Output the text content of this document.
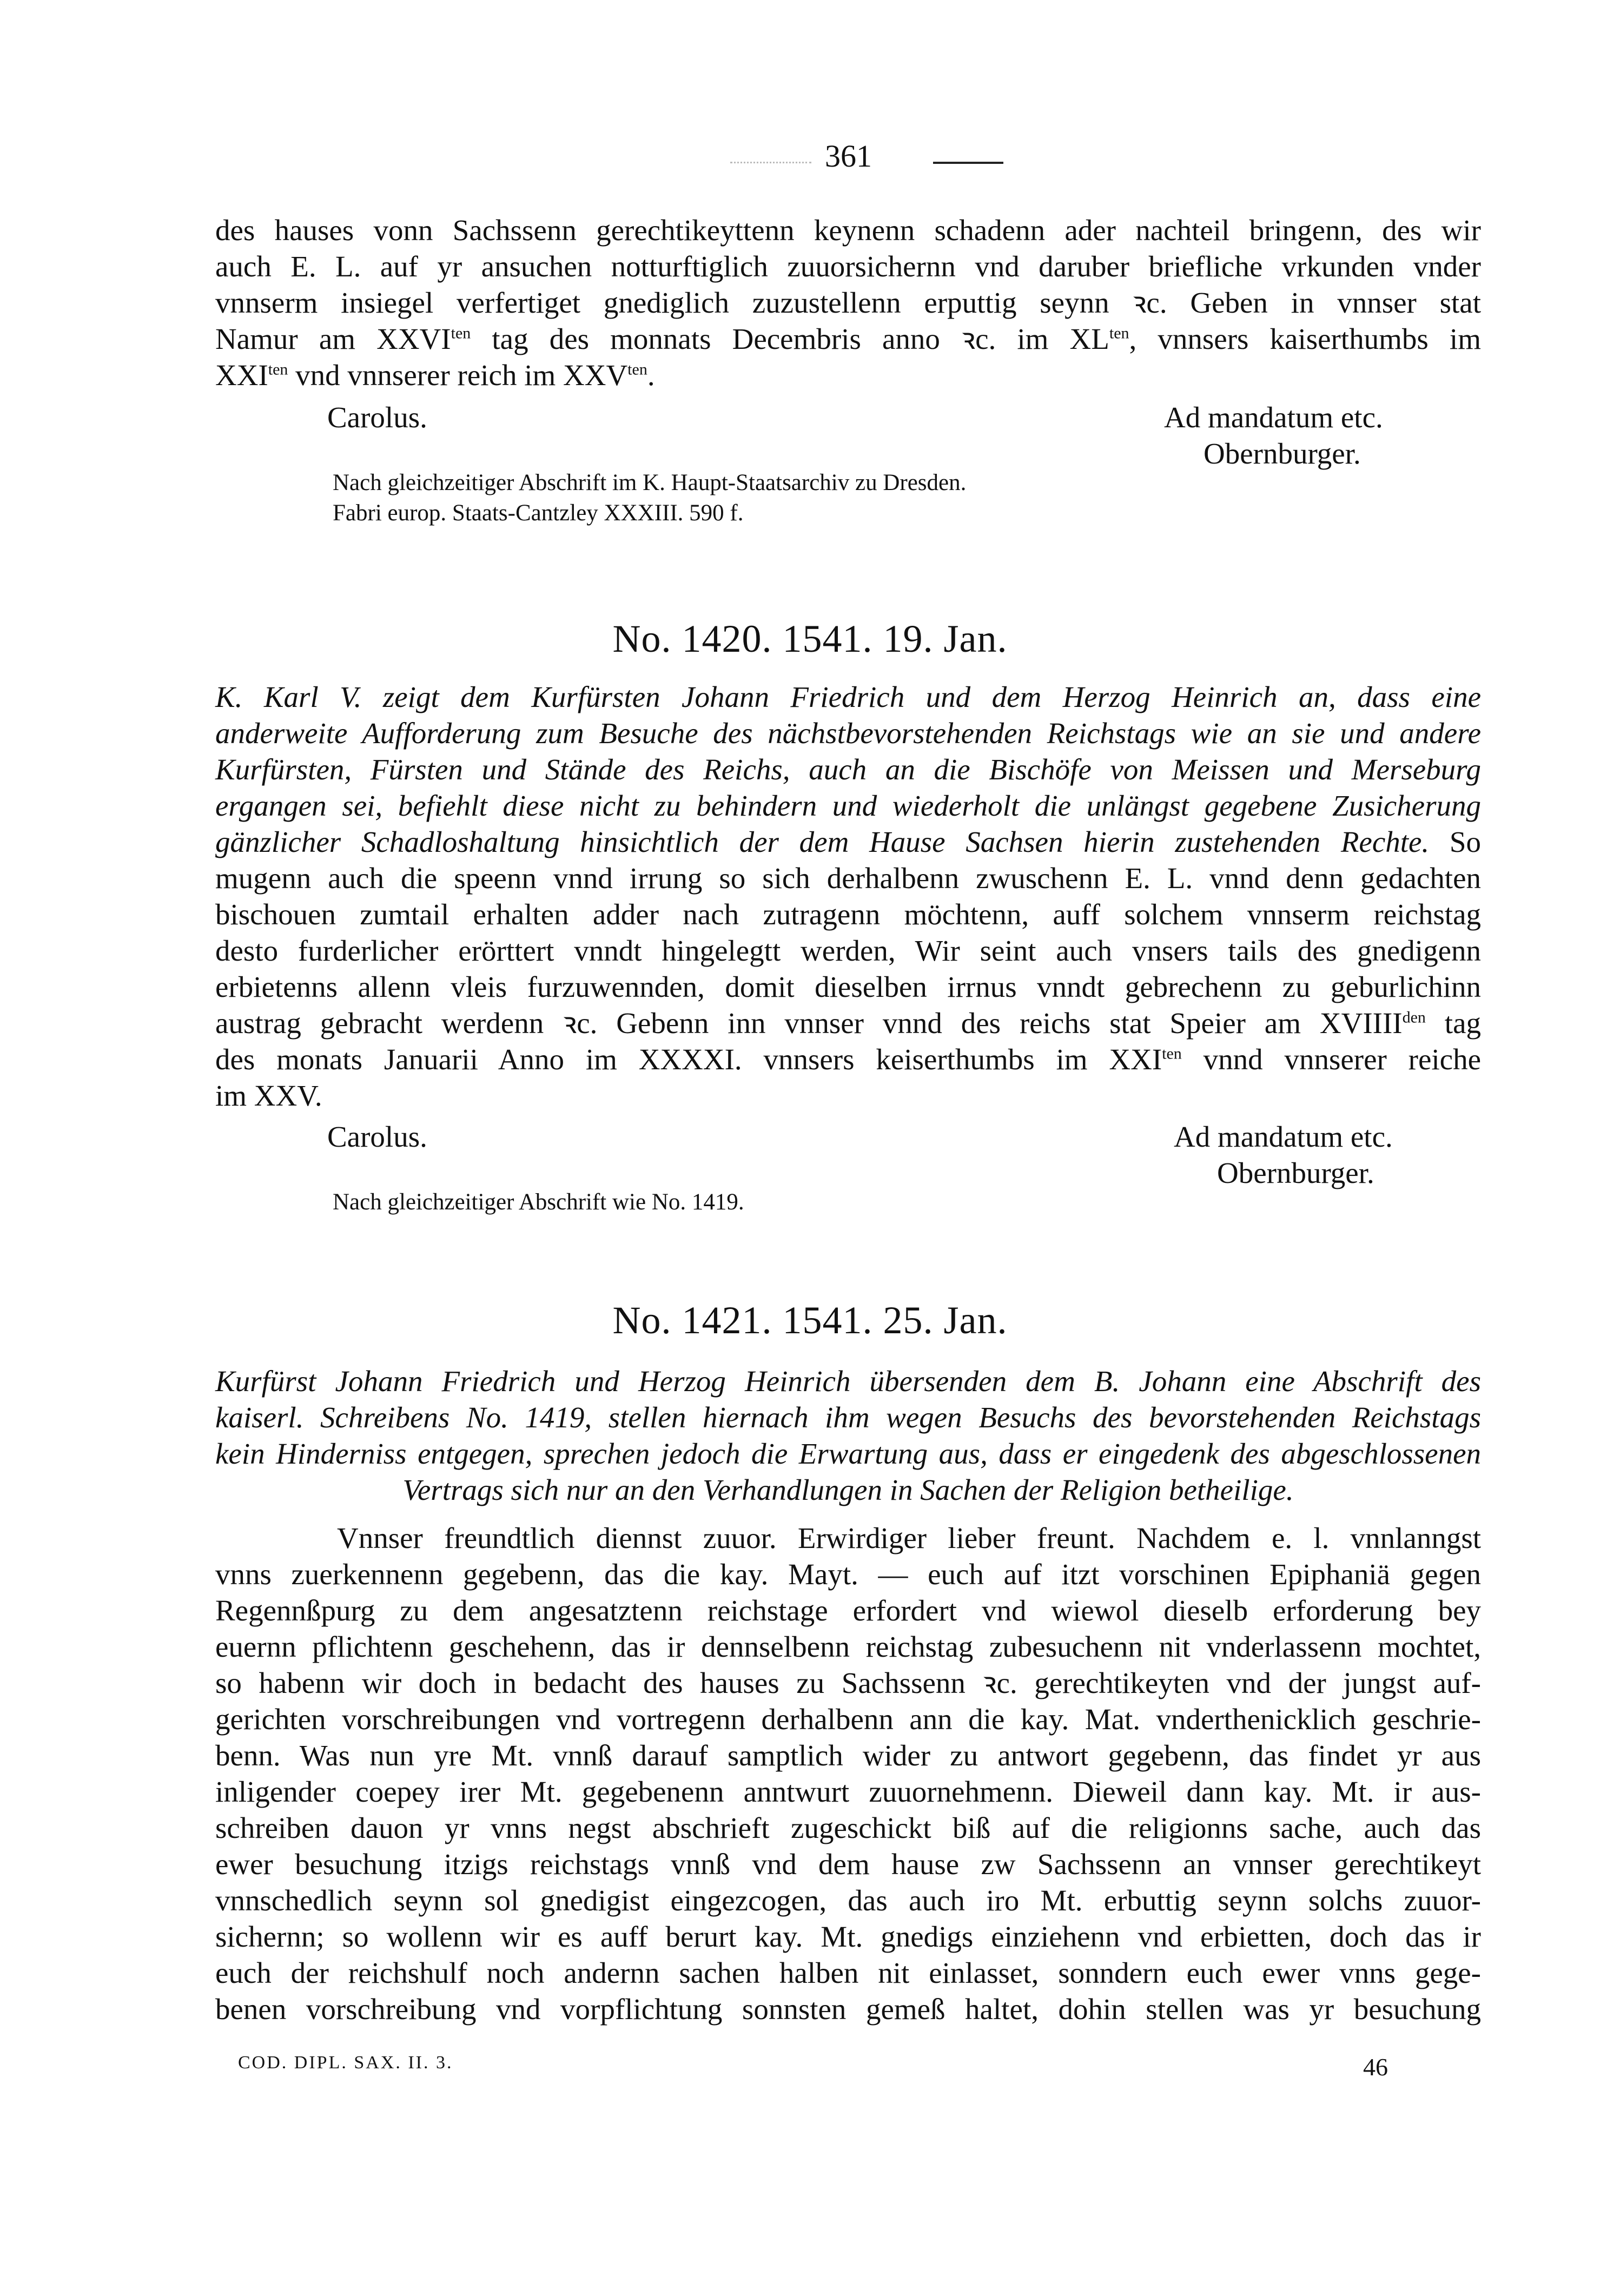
361
des hauses vonn Sachssenn gerechtikeyttenn keynenn schadenn ader nachteil bringenn, des wir
auch E. L. auf yr ansuchen notturftiglich zuuorsichernn vnd daruber briefliche vrkunden vnder
vnnserm insiegel verfertiget gnediglich zuzustellenn erputtig seynn ꝛc. Geben in vnnser stat
Namur am $XXVI^{ten}$ tag des monnats Decembris anno ꝛc. im $XL^{ten}$, vnnsers kaiserthumbs im
$XXI^{ten}$ vnd vnnserer reich im $XXV^{ten}$.
Carolus.	Ad mandatum etc.
Obernburger.
Nach gleichzeitiger Abschrift im K. Haupt-Staatsarchiv zu Dresden.
Fabri europ. Staats-Cantzley XXXIII. 590 f.
No. 1420. 1541. 19. Jan.
K. Karl V. zeigt dem Kurfürsten Johann Friedrich und dem Herzog Heinrich an, dass eine
anderweite Aufforderung zum Besuche des nächstbevorstehenden Reichstags wie an sie und andere
Kurfürsten, Fürsten und Stände des Reichs, auch an die Bischöfe von Meissen und Merseburg
ergangen sei, befiehlt diese nicht zu behindern und wiederholt die unlängst gegebene Zusicherung
gänzlicher Schadloshaltung hinsichtlich der dem Hause Sachsen hierin zustehenden Rechte. So
mugenn auch die speenn vnnd irrung so sich derhalbenn zwuschenn E. L. vnnd denn gedachten
bischouen zumtail erhalten adder nach zutragenn möchtenn, auff solchem vnnserm reichstag
desto furderlicher erörttert vnndt hingelegtt werden, Wir seint auch vnsers tails des gnedigenn
erbietenns allenn vleis furzuwennden, domit dieselben irrnus vnndt gebrechenn zu geburlichinn
austrag gebracht werdenn ꝛc. Gebenn inn vnnser vnnd des reichs stat Speier am $XVIIII^{den}$ tag
des monats Januarii Anno im XXXXI. vnnsers keiserthumbs im $XXI^{ten}$ vnnd vnnserer reiche
im XXV.
Carolus.	Ad mandatum etc.
Obernburger.
Nach gleichzeitiger Abschrift wie No. 1419.
No. 1421. 1541. 25. Jan.
Kurfürst Johann Friedrich und Herzog Heinrich übersenden dem B. Johann eine Abschrift des
kaiserl. Schreibens No. 1419, stellen hiernach ihm wegen Besuchs des bevorstehenden Reichstags
kein Hinderniss entgegen, sprechen jedoch die Erwartung aus, dass er eingedenk des abgeschlossenen
Vertrags sich nur an den Verhandlungen in Sachen der Religion betheilige.
Vnnser freundtlich diennst zuuor. Erwirdiger lieber freunt. Nachdem e. l. vnnlanngst
vnns zuerkennenn gegebenn, das die kay. Mayt. — euch auf itzt vorschinen Epiphaniä gegen
Regennßpurg zu dem angesatztenn reichstage erfordert vnd wiewol dieselb erforderung bey
euernn pflichtenn geschehenn, das ir dennselbenn reichstag zubesuchenn nit vnderlassenn mochtet,
so habenn wir doch in bedacht des hauses zu Sachssenn ꝛc. gerechtikeyten vnd der jungst auf-
gerichten vorschreibungen vnd vortregenn derhalbenn ann die kay. Mat. vnderthenicklich geschrie-
benn. Was nun yre Mt. vnnß darauf samptlich wider zu antwort gegebenn, das findet yr aus
inligender coepey irer Mt. gegebenenn anntwurt zuuornehmenn. Dieweil dann kay. Mt. ir aus-
schreiben dauon yr vnns negst abschrieft zugeschickt biß auf die religionns sache, auch das
ewer besuchung itzigs reichstags vnnß vnd dem hause zw Sachssenn an vnnser gerechtikeyt
vnnschedlich seynn sol gnedigist eingezcogen, das auch iro Mt. erbuttig seynn solchs zuuor-
sichernn; so wollenn wir es auff berurt kay. Mt. gnedigs einziehenn vnd erbietten, doch das ir
euch der reichshulf noch andernn sachen halben nit einlasset, sonndern euch ewer vnns gege-
benen vorschreibung vnd vorpflichtung sonnsten gemeß haltet, dohin stellen was yr besuchung
COD. DIPL. SAX. II. 3.	46
